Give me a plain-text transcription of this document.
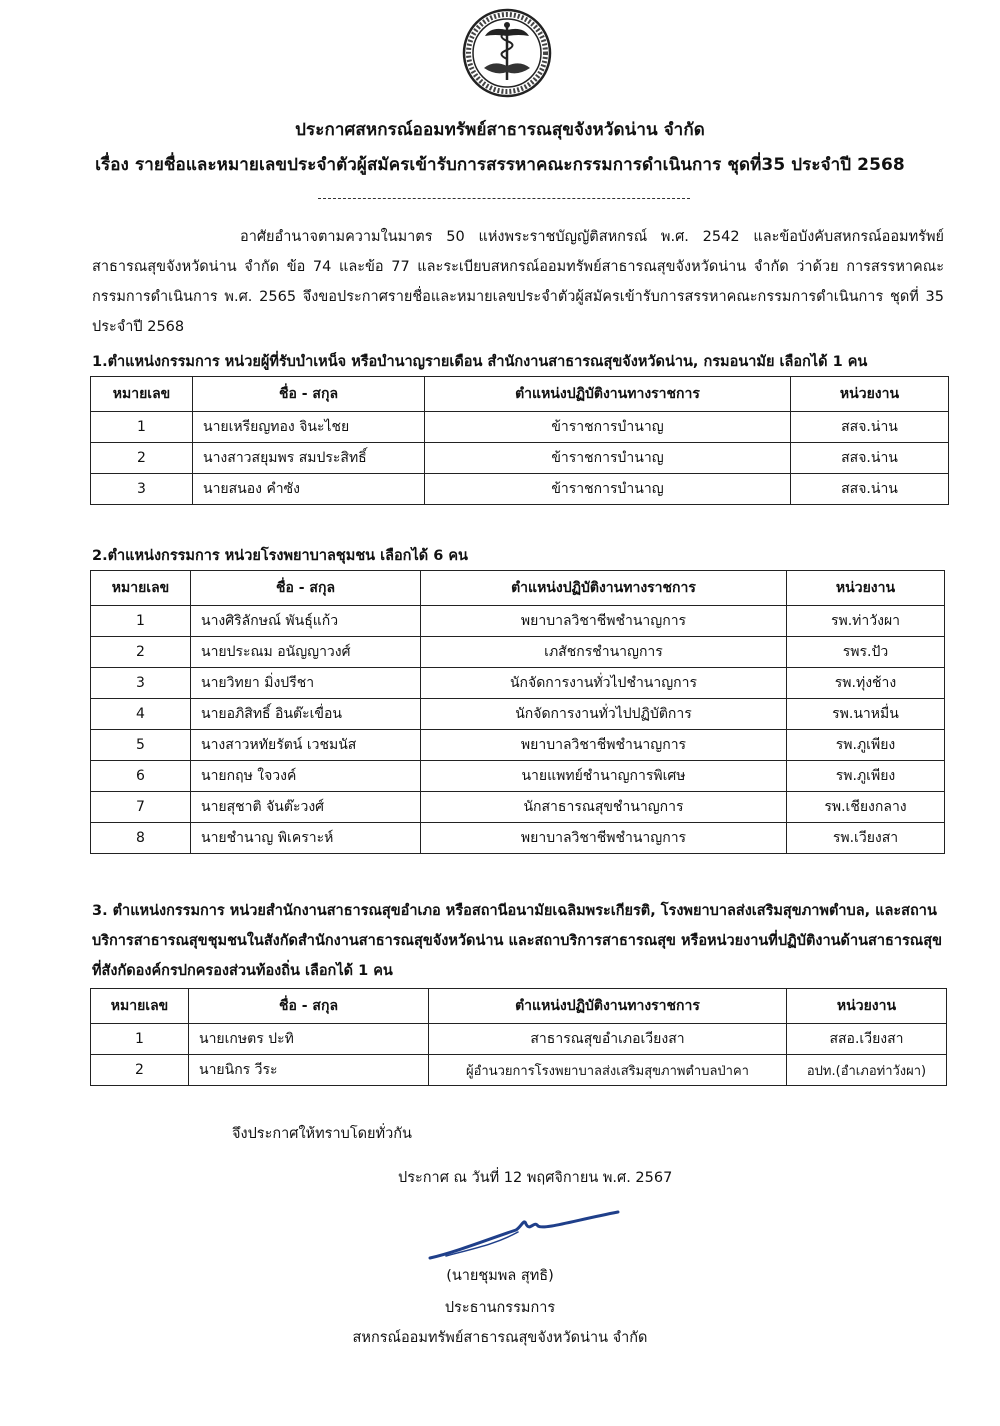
ประกาศสหกรณ์ออมทรัพย์สาธารณสุขจังหวัดน่าน จำกัด
เรื่อง รายชื่อและหมายเลขประจำตัวผู้สมัครเข้ารับการสรรหาคณะกรรมการดำเนินการ ชุดที่35 ประจำปี 2568
อาศัยอำนาจตามความในมาตร 50 แห่งพระราชบัญญัติสหกรณ์ พ.ศ. 2542 และข้อบังคับสหกรณ์ออมทรัพย์สาธารณสุขจังหวัดน่าน จำกัด ข้อ 74 และข้อ 77 และระเบียบสหกรณ์ออมทรัพย์สาธารณสุขจังหวัดน่าน จำกัด ว่าด้วย การสรรหาคณะกรรมการดำเนินการ พ.ศ. 2565 จึงขอประกาศรายชื่อและหมายเลขประจำตัวผู้สมัครเข้ารับการสรรหาคณะกรรมการดำเนินการ ชุดที่ 35 ประจำปี 2568
1.ตำแหน่งกรรมการ หน่วยผู้ที่รับบำเหน็จ หรือบำนาญรายเดือน สำนักงานสาธารณสุขจังหวัดน่าน, กรมอนามัย เลือกได้ 1 คน
หมายเลข	ชื่อ - สกุล	ตำแหน่งปฏิบัติงานทางราชการ	หน่วยงาน
1	นายเหรียญทอง จินะไชย	ข้าราชการบำนาญ	สสจ.น่าน
2	นางสาวสยุมพร สมประสิทธิ์	ข้าราชการบำนาญ	สสจ.น่าน
3	นายสนอง คำซัง	ข้าราชการบำนาญ	สสจ.น่าน
2.ตำแหน่งกรรมการ หน่วยโรงพยาบาลชุมชน เลือกได้ 6 คน
หมายเลข	ชื่อ - สกุล	ตำแหน่งปฏิบัติงานทางราชการ	หน่วยงาน
1	นางศิริลักษณ์ พันธุ์แก้ว	พยาบาลวิชาชีพชำนาญการ	รพ.ท่าวังผา
2	นายประณม อนัญญาวงศ์	เภสัชกรชำนาญการ	รพร.ปัว
3	นายวิทยา มิ่งปรีชา	นักจัดการงานทั่วไปชำนาญการ	รพ.ทุ่งช้าง
4	นายอภิสิทธิ์ อินต๊ะเขื่อน	นักจัดการงานทั่วไปปฏิบัติการ	รพ.นาหมื่น
5	นางสาวหทัยรัตน์ เวชมนัส	พยาบาลวิชาชีพชำนาญการ	รพ.ภูเพียง
6	นายกฤษ ใจวงค์	นายแพทย์ชำนาญการพิเศษ	รพ.ภูเพียง
7	นายสุชาติ จันต๊ะวงศ์	นักสาธารณสุขชำนาญการ	รพ.เชียงกลาง
8	นายชำนาญ พิเคราะห์	พยาบาลวิชาชีพชำนาญการ	รพ.เวียงสา
3. ตำแหน่งกรรมการ หน่วยสำนักงานสาธารณสุขอำเภอ หรือสถานีอนามัยเฉลิมพระเกียรติ, โรงพยาบาลส่งเสริมสุขภาพตำบล, และสถานบริการสาธารณสุขชุมชนในสังกัดสำนักงานสาธารณสุขจังหวัดน่าน และสถาบริการสาธารณสุข หรือหน่วยงานที่ปฏิบัติงานด้านสาธารณสุขที่สังกัดองค์กรปกครองส่วนท้องถิ่น เลือกได้ 1 คน
หมายเลข	ชื่อ - สกุล	ตำแหน่งปฏิบัติงานทางราชการ	หน่วยงาน
1	นายเกษตร ปะทิ	สาธารณสุขอำเภอเวียงสา	สสอ.เวียงสา
2	นายนิกร วีระ	ผู้อำนวยการโรงพยาบาลส่งเสริมสุขภาพตำบลป่าคา	อปท.(อำเภอท่าวังผา)
จึงประกาศให้ทราบโดยทั่วกัน
ประกาศ ณ วันที่ 12 พฤศจิกายน พ.ศ. 2567
(นายชุมพล สุทธิ)
ประธานกรรมการ
สหกรณ์ออมทรัพย์สาธารณสุขจังหวัดน่าน จำกัด
